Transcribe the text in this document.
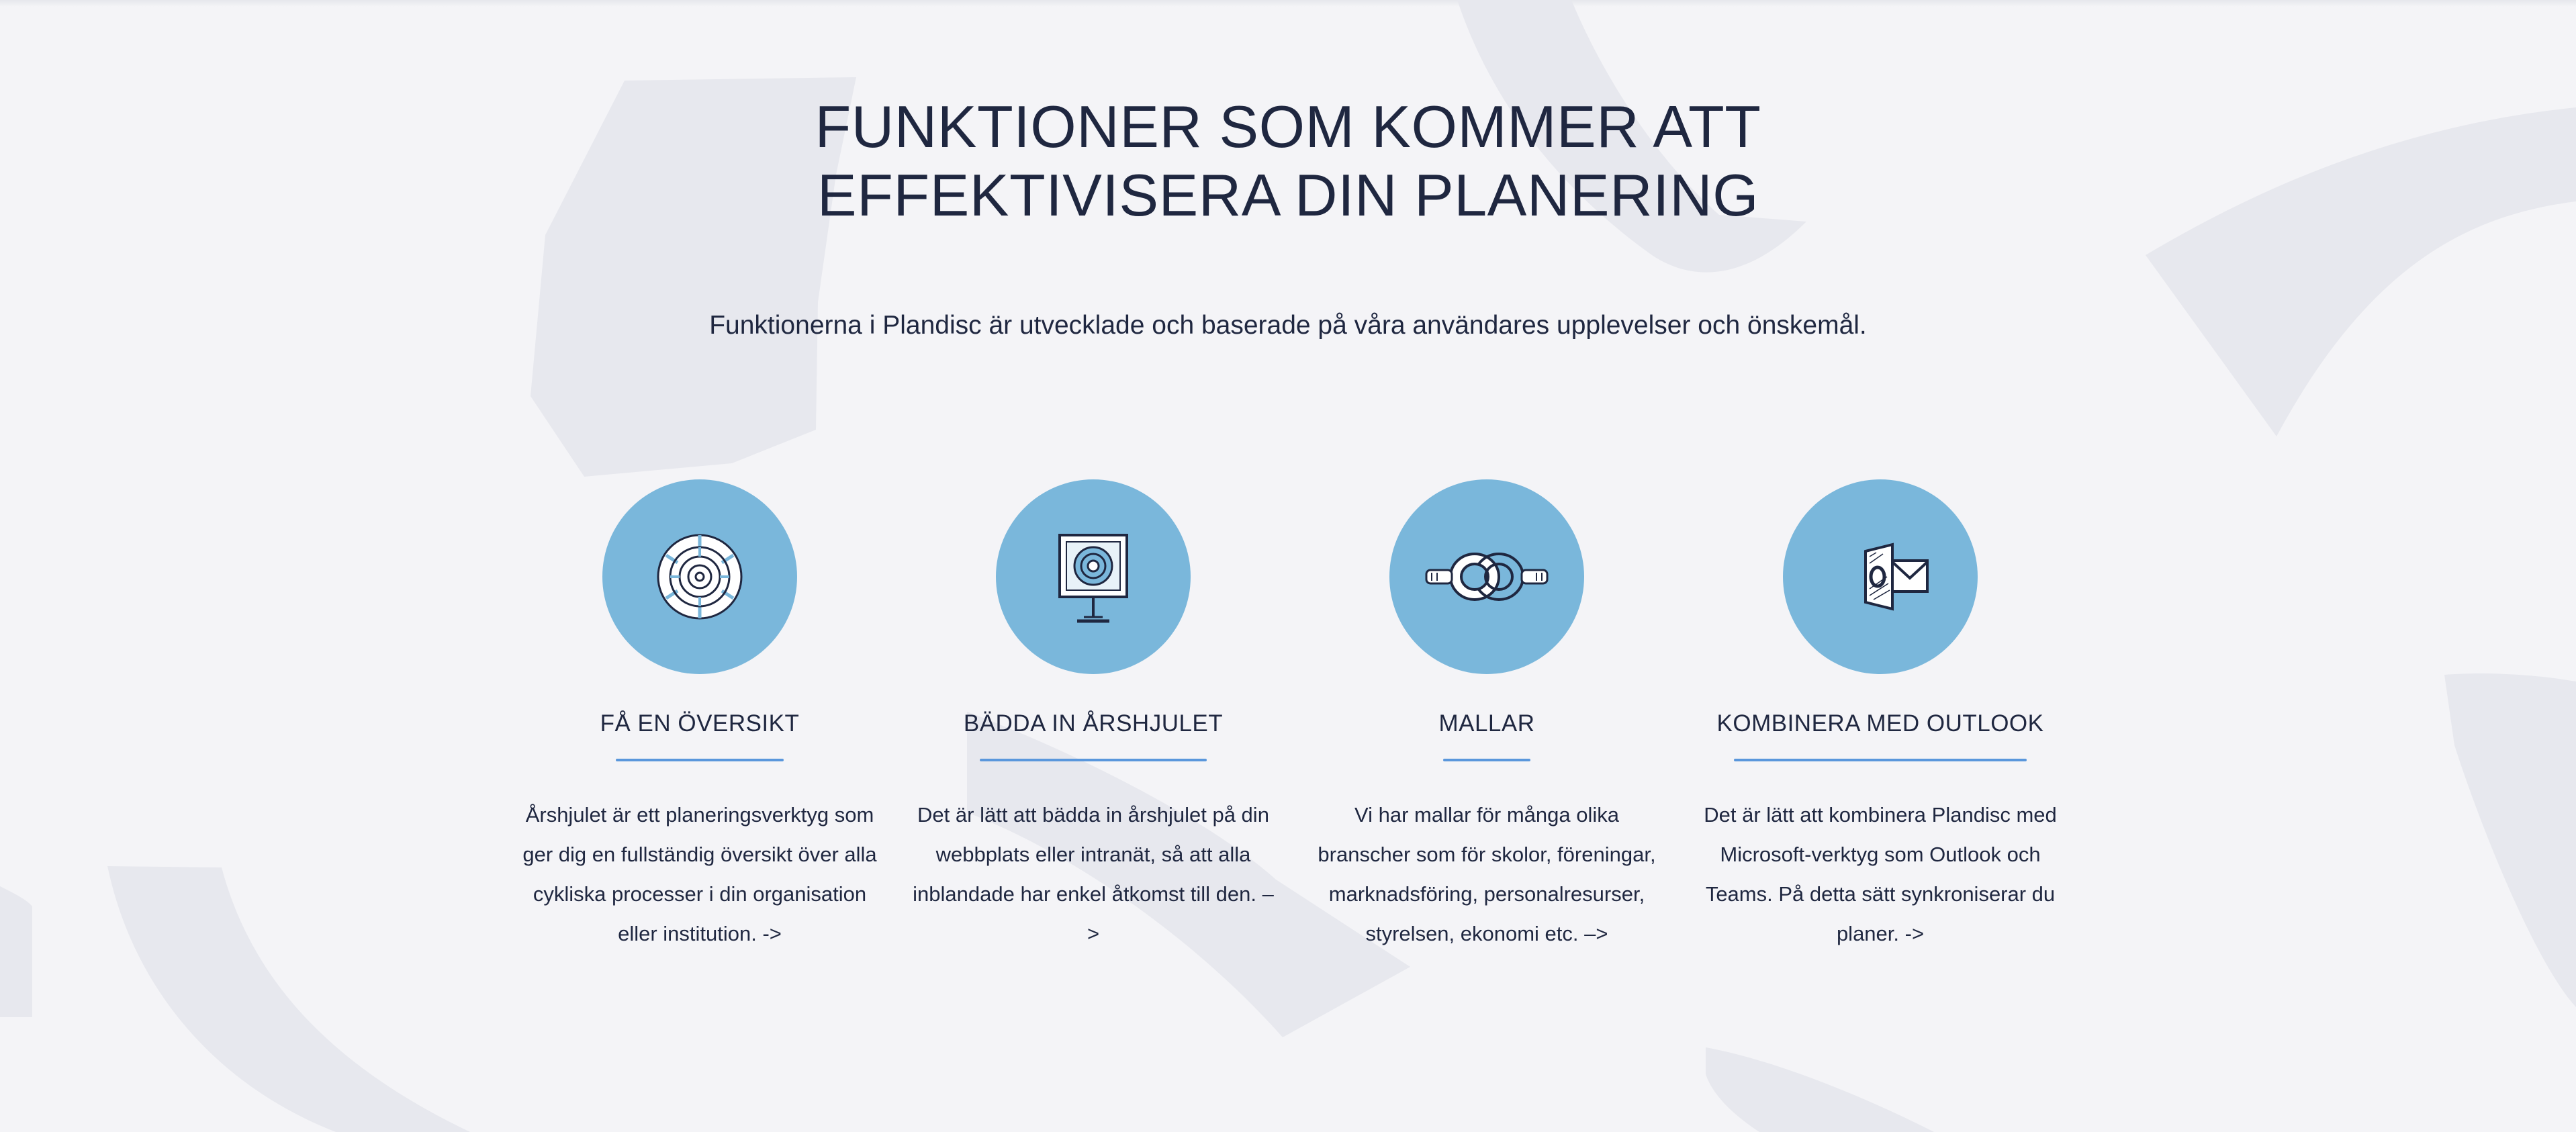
FUNKTIONER SOM KOMMER ATT
EFFEKTIVISERA DIN PLANERING

Funktionerna i Plandisc är utvecklade och baserade på våra användares upplevelser och önskemål.

FÅ EN ÖVERSIKT

Årshjulet är ett planeringsverktyg som ger dig en fullständig översikt över alla cykliska processer i din organisation eller institution. ->

BÄDDA IN ÅRSHJULET

Det är lätt att bädda in årshjulet på din webbplats eller intranät, så att alla inblandade har enkel åtkomst till den. –>

MALLAR

Vi har mallar för många olika branscher som för skolor, föreningar, marknadsföring, personalresurser, styrelsen, ekonomi etc. –>

KOMBINERA MED OUTLOOK

Det är lätt att kombinera Plandisc med Microsoft-verktyg som Outlook och Teams. På detta sätt synkroniserar du planer. ->
